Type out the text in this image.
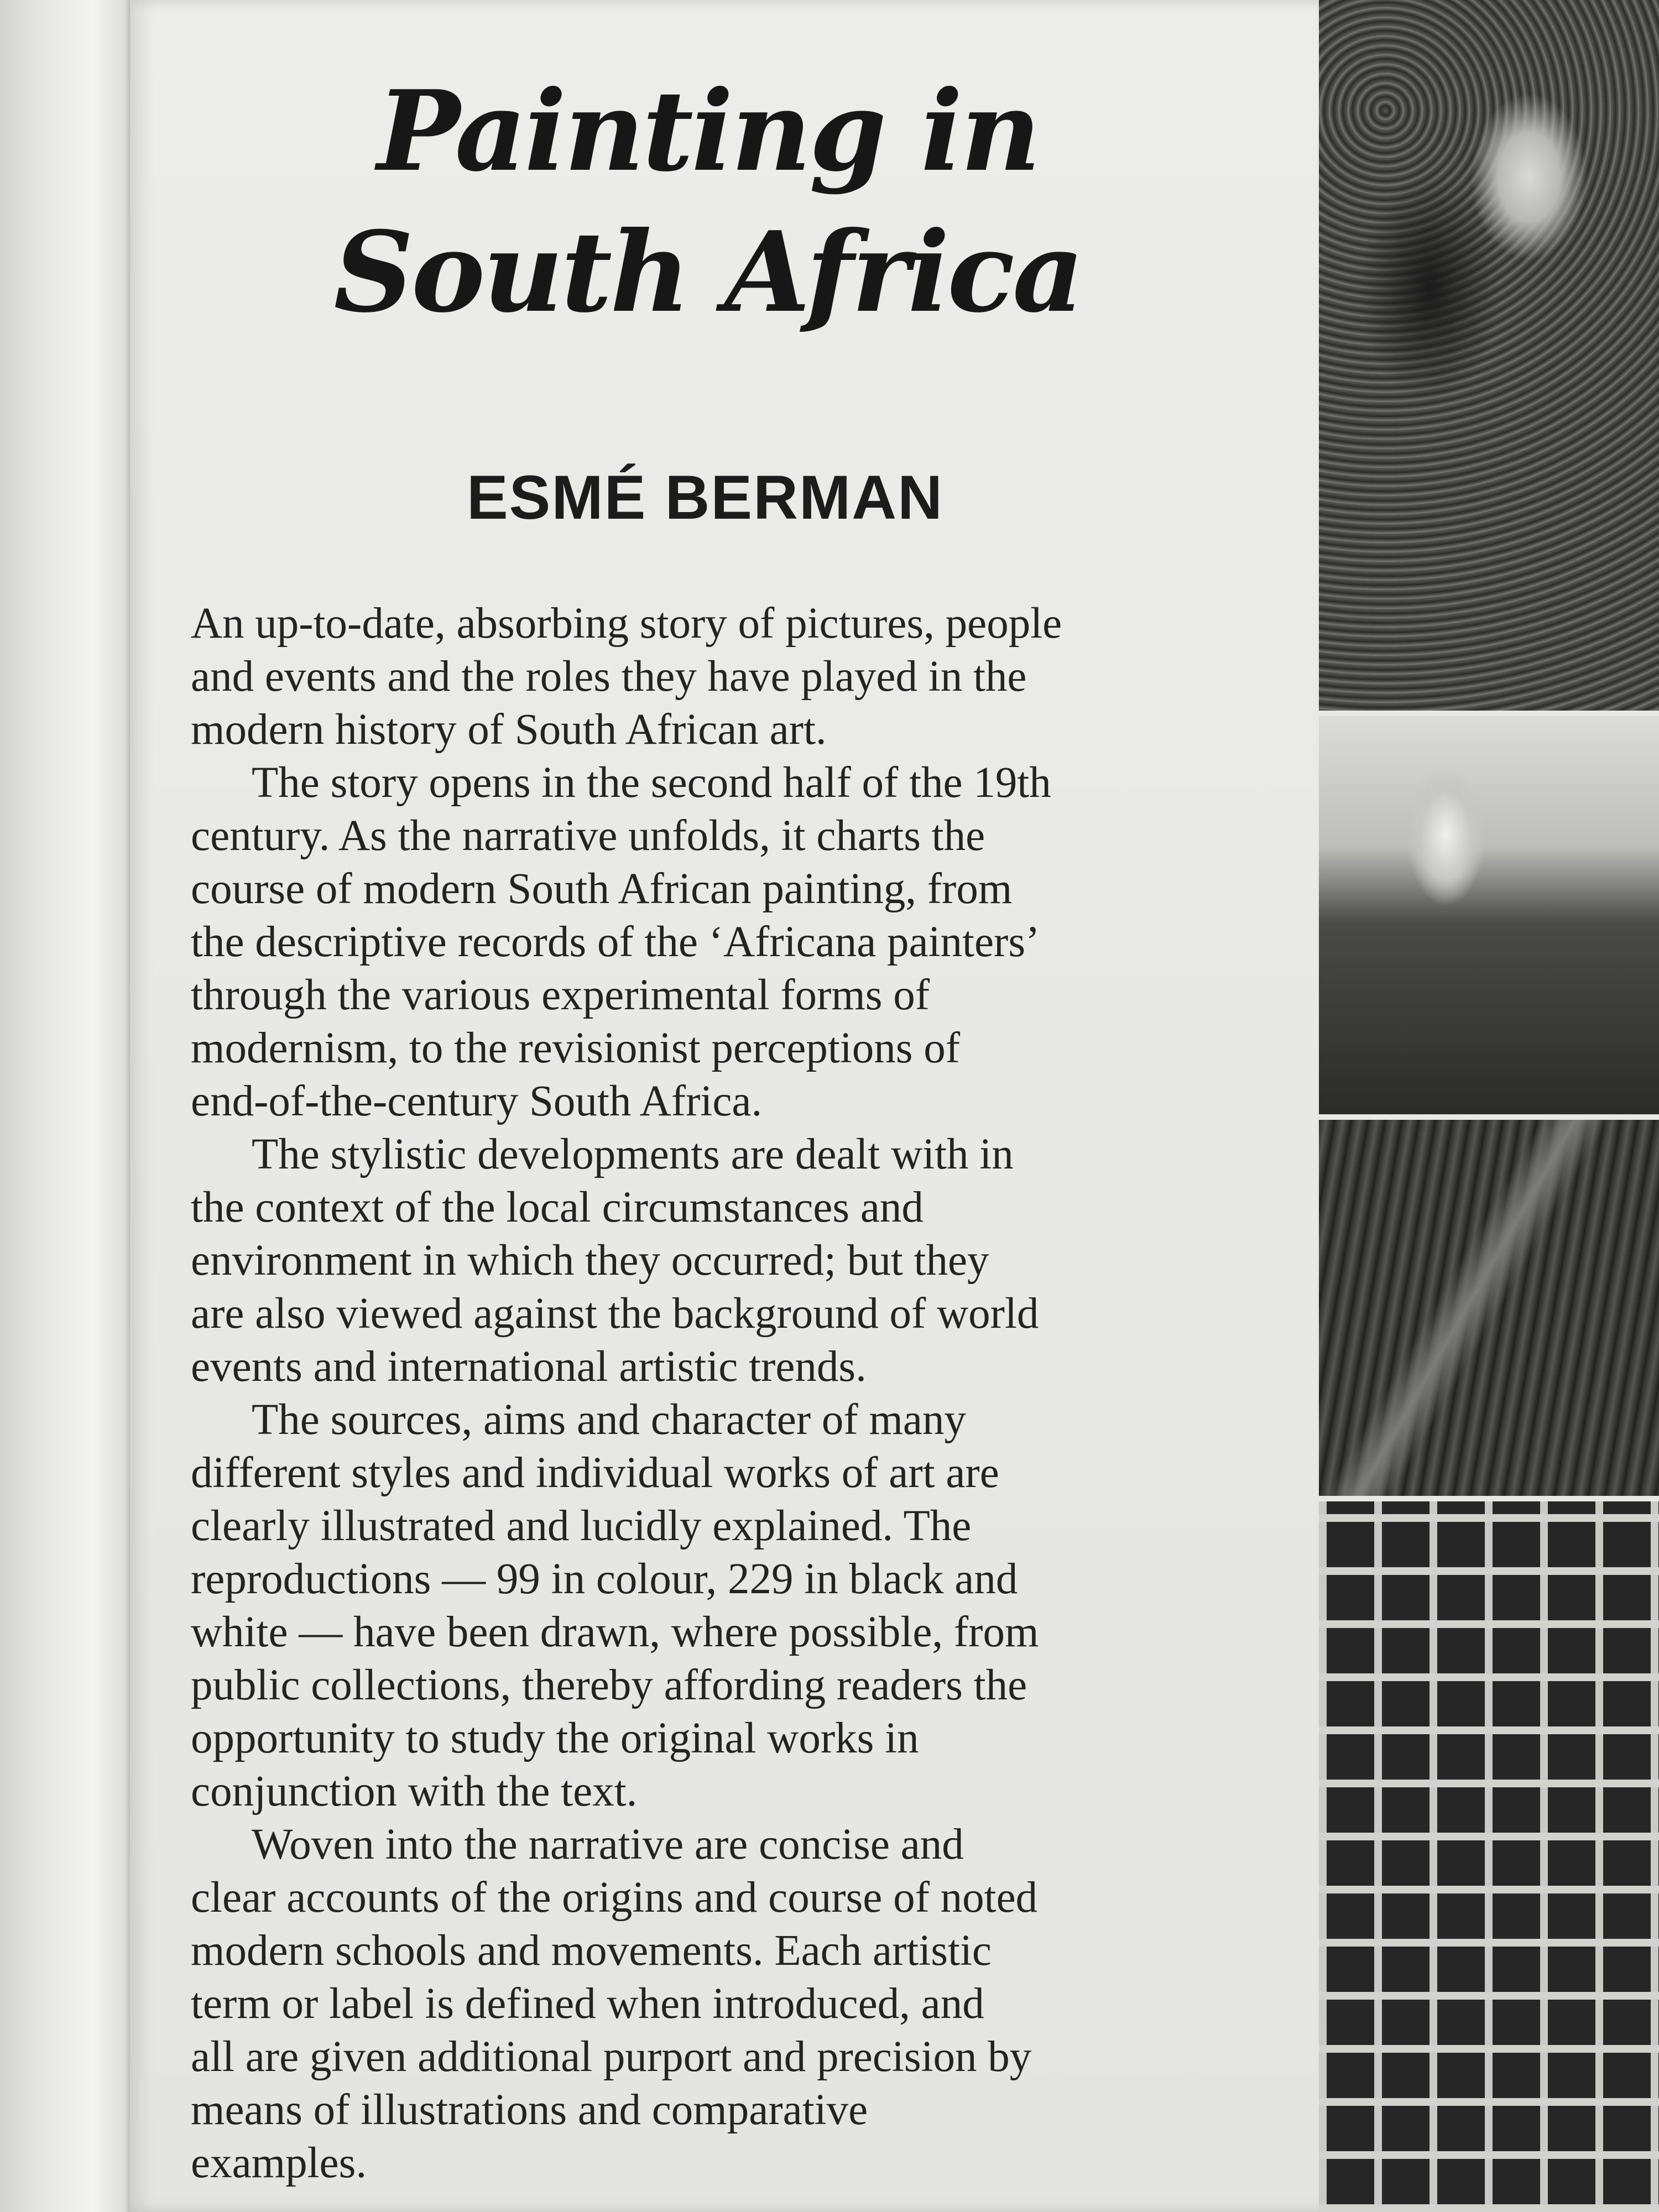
Painting in
South Africa
ESMÉ BERMAN

An up-to-date, absorbing story of pictures, people
and events and the roles they have played in the
modern history of South African art.

The story opens in the second half of the 19th
century. As the narrative unfolds, it charts the
course of modern South African painting, from
the descriptive records of the ‘Africana painters’
through the various experimental forms of
modernism, to the revisionist perceptions of
end-of-the-century South Africa.

The stylistic developments are dealt with in
the context of the local circumstances and
environment in which they occurred; but they
are also viewed against the background of world
events and international artistic trends.

The sources, aims and character of many
different styles and individual works of art are
clearly illustrated and lucidly explained. The
reproductions — 99 in colour, 229 in black and
white — have been drawn, where possible, from
public collections, thereby affording readers the
opportunity to study the original works in
conjunction with the text.

Woven into the narrative are concise and
clear accounts of the origins and course of noted
modern schools and movements. Each artistic
term or label is defined when introduced, and
all are given additional purport and precision by
means of illustrations and comparative
examples.
